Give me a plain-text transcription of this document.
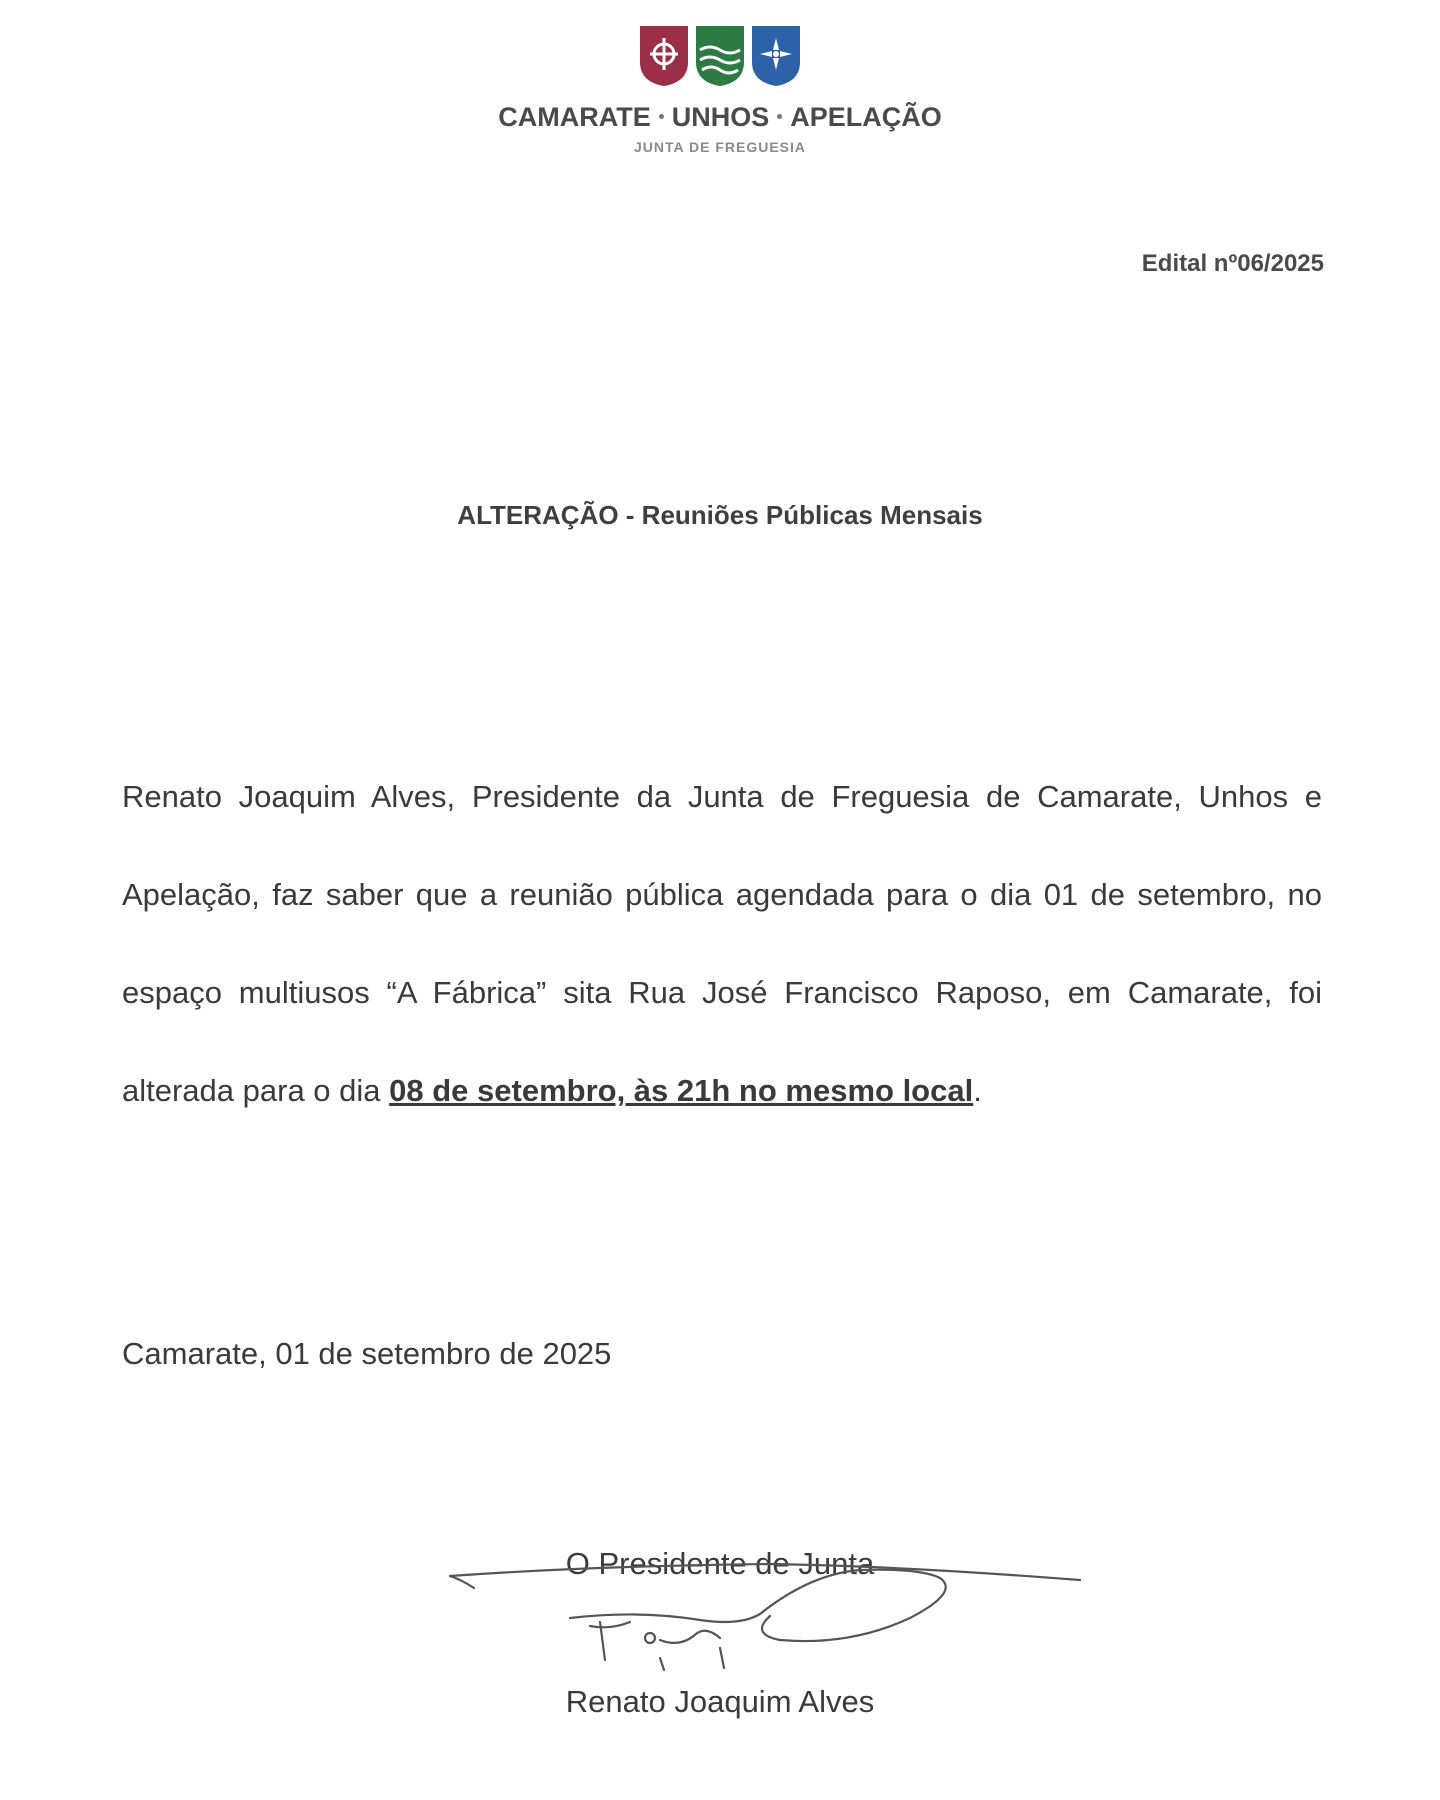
CAMARATE UNHOS APELAÇÃO
JUNTA DE FREGUESIA
Edital nº06/2025
ALTERAÇÃO - Reuniões Públicas Mensais
Renato Joaquim Alves, Presidente da Junta de Freguesia de Camarate, Unhos e Apelação, faz saber que a reunião pública agendada para o dia 01 de setembro, no espaço multiusos “A Fábrica” sita Rua José Francisco Raposo, em Camarate, foi alterada para o dia 08 de setembro, às 21h no mesmo local.
Camarate, 01 de setembro de 2025
O Presidente de Junta
Renato Joaquim Alves
